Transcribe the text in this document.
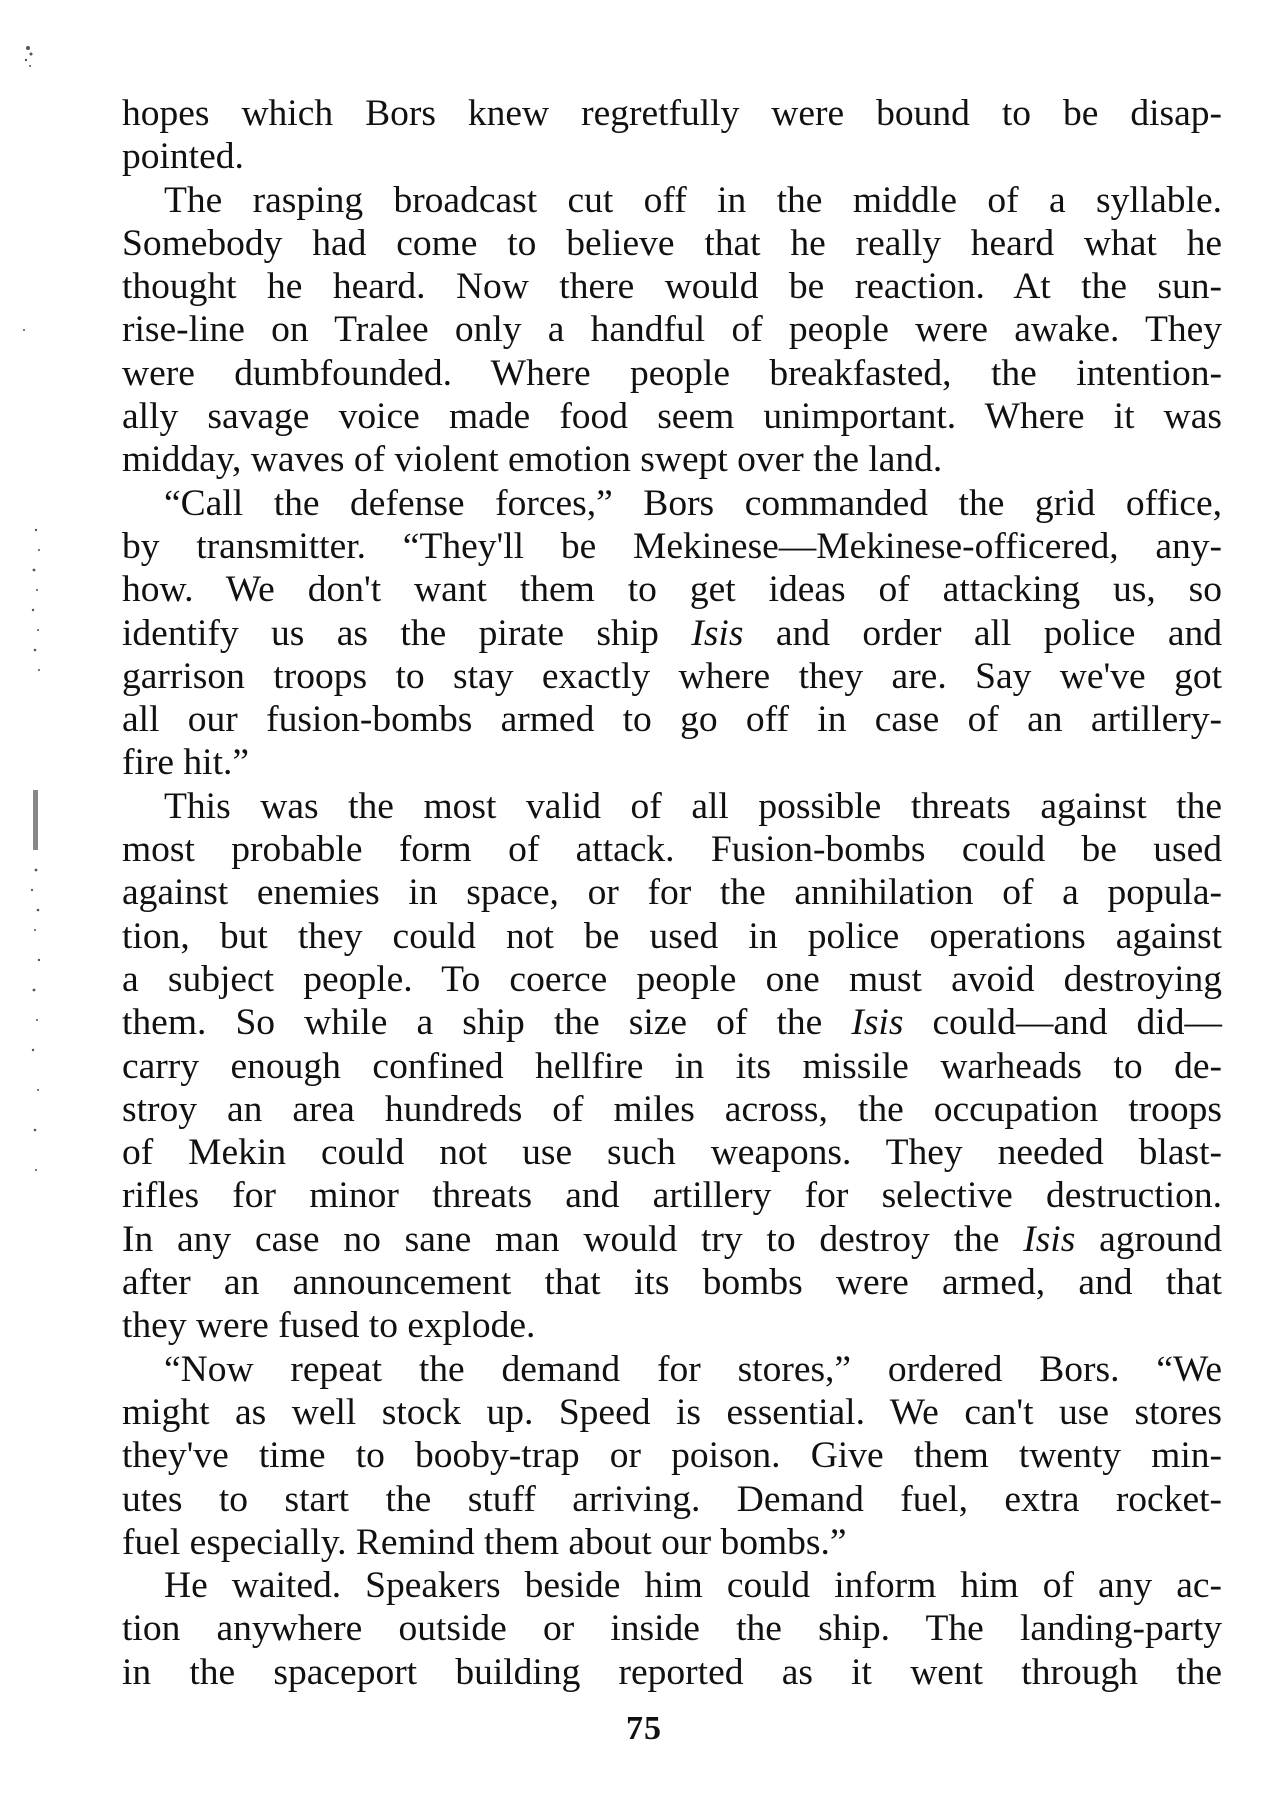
hopes which Bors knew regretfully were bound to be disap-
pointed.
The rasping broadcast cut off in the middle of a syllable.
Somebody had come to believe that he really heard what he
thought he heard. Now there would be reaction. At the sun-
rise-line on Tralee only a handful of people were awake. They
were dumbfounded. Where people breakfasted, the intention-
ally savage voice made food seem unimportant. Where it was
midday, waves of violent emotion swept over the land.
“Call the defense forces,” Bors commanded the grid office,
by transmitter. “They'll be Mekinese—Mekinese-officered, any-
how. We don't want them to get ideas of attacking us, so
identify us as the pirate ship Isis and order all police and
garrison troops to stay exactly where they are. Say we've got
all our fusion-bombs armed to go off in case of an artillery-
fire hit.”
This was the most valid of all possible threats against the
most probable form of attack. Fusion-bombs could be used
against enemies in space, or for the annihilation of a popula-
tion, but they could not be used in police operations against
a subject people. To coerce people one must avoid destroying
them. So while a ship the size of the Isis could—and did—
carry enough confined hellfire in its missile warheads to de-
stroy an area hundreds of miles across, the occupation troops
of Mekin could not use such weapons. They needed blast-
rifles for minor threats and artillery for selective destruction.
In any case no sane man would try to destroy the Isis aground
after an announcement that its bombs were armed, and that
they were fused to explode.
“Now repeat the demand for stores,” ordered Bors. “We
might as well stock up. Speed is essential. We can't use stores
they've time to booby-trap or poison. Give them twenty min-
utes to start the stuff arriving. Demand fuel, extra rocket-
fuel especially. Remind them about our bombs.”
He waited. Speakers beside him could inform him of any ac-
tion anywhere outside or inside the ship. The landing-party
in the spaceport building reported as it went through the
75
